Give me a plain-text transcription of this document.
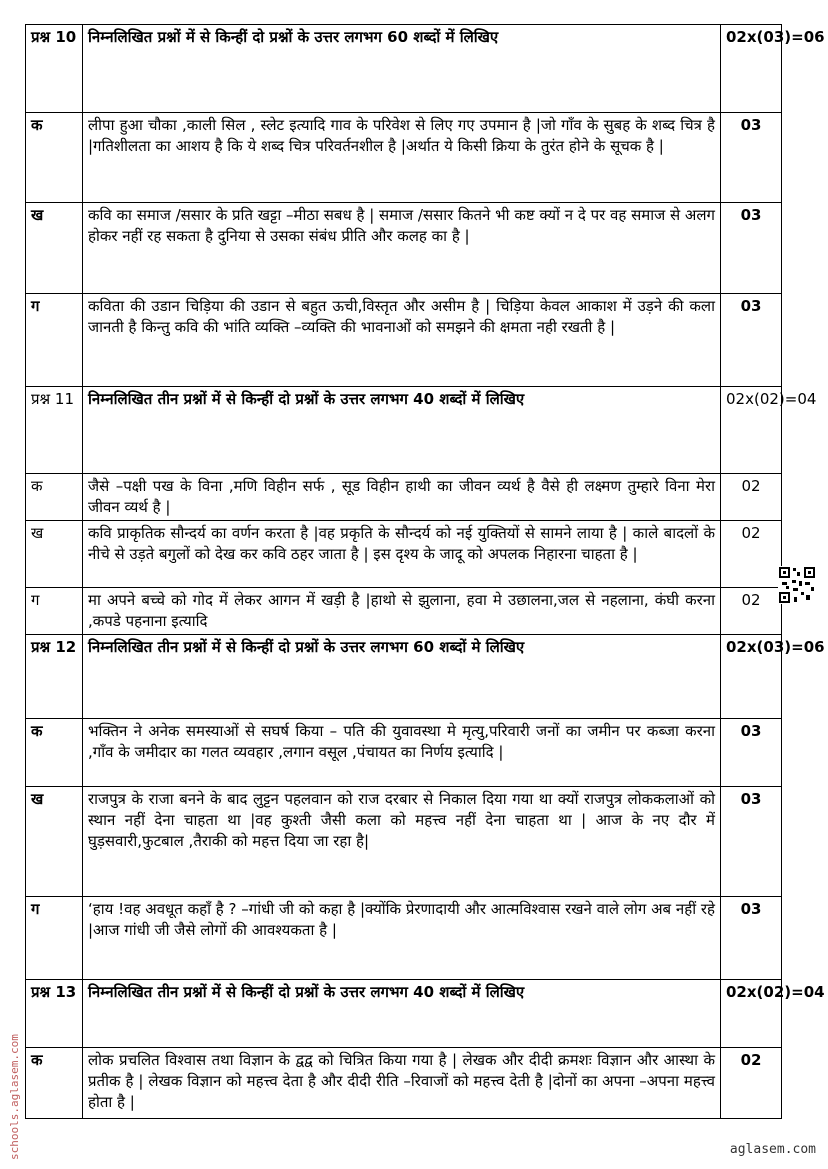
प्रश्न 10	निम्नलिखित प्रश्नों में से किन्हीं दो प्रश्नों के उत्तर लगभग 60 शब्दों में लिखिए	02x(03)=06
क	लीपा हुआ चौका ,काली सिल , स्लेट इत्यादि गाव के परिवेश से लिए गए उपमान है |जो गाँव के सुबह के शब्द चित्र है |गतिशीलता का आशय है कि ये शब्द चित्र परिवर्तनशील है |अर्थात ये किसी क्रिया के तुरंत होने के सूचक है |	03
ख	कवि का समाज /ससार के प्रति खट्टा –मीठा सबध है | समाज /ससार कितने भी कष्ट क्यों न दे पर वह समाज से अलग होकर नहीं रह सकता है दुनिया से उसका संबंध प्रीति और कलह का है |	03
ग	कविता की उडान चिड़िया की उडान से बहुत ऊची,विस्तृत और असीम है | चिड़िया केवल आकाश में उड़ने की कला जानती है किन्तु कवि की भांति व्यक्ति –व्यक्ति की भावनाओं को समझने की क्षमता नही रखती है |	03
प्रश्न 11	निम्नलिखित तीन प्रश्नों में से किन्हीं दो प्रश्नों के उत्तर लगभग 40 शब्दों में लिखिए	02x(02)=04
क	जैसे –पक्षी पख के विना ,मणि विहीन सर्फ , सूड विहीन हाथी का जीवन व्यर्थ है वैसे ही लक्ष्मण तुम्हारे विना मेरा जीवन व्यर्थ है |	02
ख	कवि प्राकृतिक सौन्दर्य का वर्णन करता है |वह प्रकृति के सौन्दर्य को नई युक्तियों से सामने लाया है | काले बादलों के नीचे से उड़ते बगुलों को देख कर कवि ठहर जाता है | इस दृश्य के जादू को अपलक निहारना चाहता है |	02
ग	मा अपने बच्चे को गोद में लेकर आगन में खड़ी है |हाथो से झुलाना, हवा मे उछालना,जल से नहलाना, कंघी करना ,कपडे पहनाना इत्यादि	02
प्रश्न 12	निम्नलिखित तीन प्रश्नों में से किन्हीं दो प्रश्नों के उत्तर लगभग 60 शब्दों मे लिखिए	02x(03)=06
क	भक्तिन ने अनेक समस्याओं से सघर्ष किया – पति की युवावस्था मे मृत्यु,परिवारी जनों का जमीन पर कब्जा करना ,गाँव के जमीदार का गलत व्यवहार ,लगान वसूल ,पंचायत का निर्णय इत्यादि |	03
ख	राजपुत्र के राजा बनने के बाद लुट्टन पहलवान को राज दरबार से निकाल दिया गया था क्यों राजपुत्र लोककलाओं को स्थान नहीं देना चाहता था |वह कुश्ती जैसी कला को महत्त्व नहीं देना चाहता था | आज के नए दौर में घुड़सवारी,फुटबाल ,तैराकी को महत्त दिया जा रहा है|	03
ग	‘हाय !वह अवधूत कहाँ है ? –गांधी जी को कहा है |क्योंकि प्रेरणादायी और आत्मविश्वास रखने वाले लोग अब नहीं रहे |आज गांधी जी जैसे लोगों की आवश्यकता है |	03
प्रश्न 13	निम्नलिखित तीन प्रश्नों में से किन्हीं दो प्रश्नों के उत्तर लगभग 40 शब्दों में लिखिए	02x(02)=04
क	लोक प्रचलित विश्वास तथा विज्ञान के द्वद्व को चित्रित किया गया है | लेखक और दीदी क्रमशः विज्ञान और आस्था के प्रतीक है | लेखक विज्ञान को महत्त्व देता है और दीदी रीति –रिवाजों को महत्त्व देती है |दोनों का अपना –अपना महत्त्व होता है |	02
schools.aglasem.com	aglasem.com
